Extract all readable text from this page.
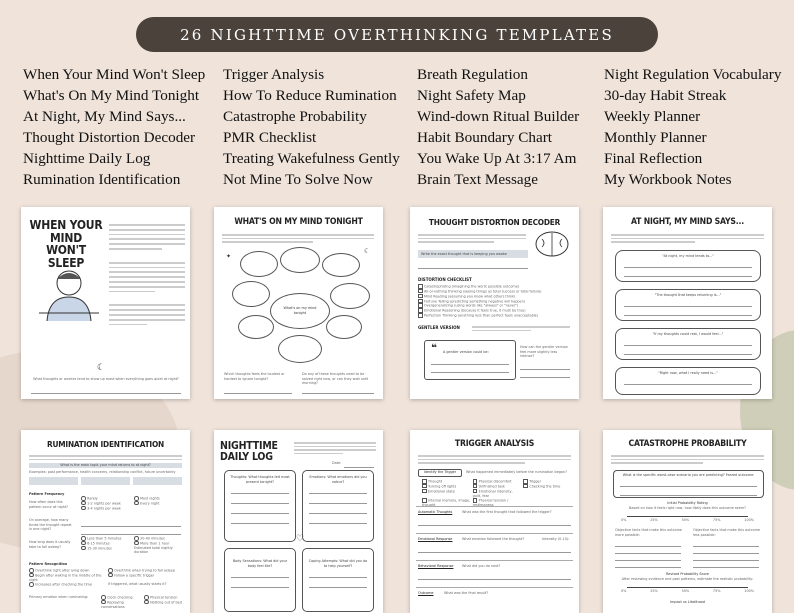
26 NIGHTTIME OVERTHINKING TEMPLATES
When Your Mind Won't Sleep
What's On My Mind Tonight
At Night, My Mind Says...
Thought Distortion Decoder
Nighttime Daily Log
Rumination Identification
Trigger Analysis
How To Reduce Rumination
Catastrophe Probability
PMR Checklist
Treating Wakefulness Gently
Not Mine To Solve Now
Breath Regulation
Night Safety Map
Wind-down Ritual Builder
Habit Boundary Chart
You Wake Up At 3:17 Am
Brain Text Message
Night Regulation Vocabulary
30-day Habit Streak
Weekly Planner
Monthly Planner
Final Reflection
My Workbook Notes
WHEN YOUR
MIND
WON'T SLEEP
☾
What thoughts or worries tend to show up most when everything goes quiet at night?
WHAT'S ON MY MIND TONIGHT
What's on my mind tonight
☾
✦
Which thoughts feels the loudest or hardest to ignore tonight?
Do any of these thoughts need to be solved right now, or can they wait until morning?
THOUGHT DISTORTION DECODER
Write the exact thought that is keeping you awake
DISTORTION CHECKLIST
Catastrophizing (imagining the worst possible outcome)
All-or-nothing thinking (seeing things as total success or total failure)
Mind Reading (assuming you know what others think)
Fortune Telling (predicting something negative will happen)
Overgeneralizing (using words like "always" or "never")
Emotional Reasoning (because it feels true, it must be true)
Perfection Thinking (anything less than perfect feels unacceptable)
GENTLER VERSION
❝ A gentler version could be:
How can the gentler version feel more slightly less intense?
AT NIGHT, MY MIND SAYS...
"At night, my mind tends to..."
"The thought that keeps returning is..."
"If my thoughts could rest, I would feel..."
"Right now, what I really need is..."
RUMINATION IDENTIFICATION
What is the main topic your mind returns to at night?
Examples: past performance, health concerns, relationship conflict, future uncertainty
Pattern Frequency
How often does this pattern occur at night?
On average, how many times the thought repeat in one night?
How long does it usually take to fall asleep?
Pattern Recognition
Primary emotion when ruminating:
Rarely	Most nights
1-2 nights per week	Every night
3-4 nights per week
Less than 5 minutes	20-40 minutes
6-15 minutes	More than 1 hour
15-30 minutes	Estimated total nightly duration
Overthink right after lying down	Overthink when trying to fall asleep
Begin after waking in the middle of the night
Follow a specific trigger
Increases after checking the time	If triggered, what usually starts it?
Clock checking	Physical tension
Replaying conversations
Nothing out of bed
NIGHTTIME
DAILY LOG	Date:
Thoughts: What thoughts felt most present tonight?
Emotions: What emotions did you notice?
Body Sensations: What did your body feel like?
Coping Attempts: What did you do to help yourself?
♡
TRIGGER ANALYSIS
Identify the Trigger	What happened immediately before the rumination began?
Thought	Physical discomfort	Trigger
Turning off lights	Unfinished task	Checking the time
Emotional state	Emotional intensity, guilt, fear
Internal memory, image, thought
Physical tension / restlessness
Automatic Thoughts	What was the first thought that followed the trigger?
Emotional Response	What emotion followed the thought?	Intensity (0-10):
Behavioral Response	What did you do next?
Outcome	What was the final result?
CATASTROPHE PROBABILITY
What is the specific worst-case scenario you are predicting? Feared outcome:
Initial Probability Rating
Based on how it feels right now, how likely does this outcome seem?
0%	25%	50%	75%	100%
Objective facts that make this outcome more possible:
Objective facts that make this outcome less possible:
Revised Probability Score
After reviewing evidence and past patterns, estimate the realistic probability:
0%	25%	50%	75%	100%
Impact vs Likelihood
